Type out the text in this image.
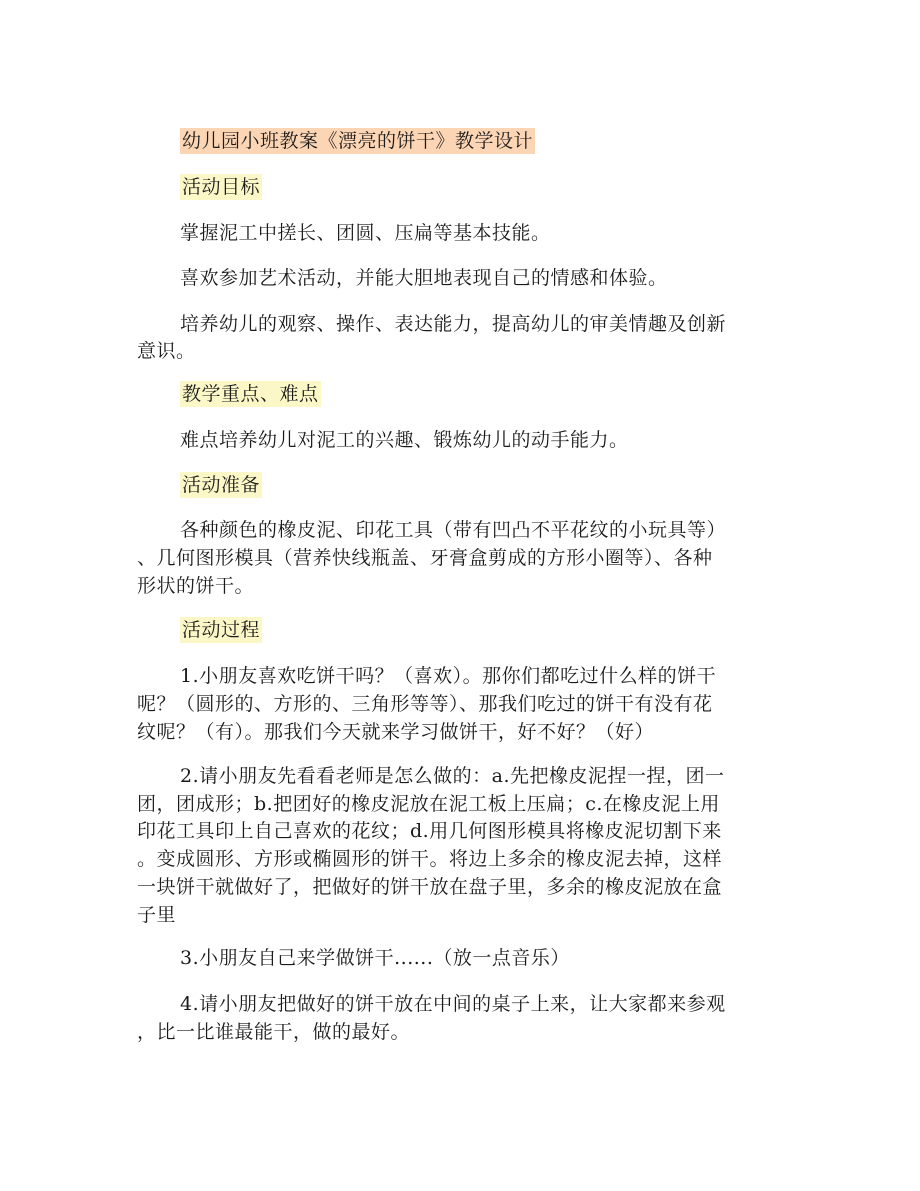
幼儿园小班教案《漂亮的饼干》教学设计
活动目标
掌握泥工中搓长、团圆、压扁等基本技能。
喜欢参加艺术活动，并能大胆地表现自己的情感和体验。
培养幼儿的观察、操作、表达能力，提高幼儿的审美情趣及创新
意识。
教学重点、难点
难点培养幼儿对泥工的兴趣、锻炼幼儿的动手能力。
活动准备
各种颜色的橡皮泥、印花工具（带有凹凸不平花纹的小玩具等）
、几何图形模具（营养快线瓶盖、牙膏盒剪成的方形小圈等）、各种
形状的饼干。
活动过程
1.小朋友喜欢吃饼干吗？（喜欢）。那你们都吃过什么样的饼干
呢？（圆形的、方形的、三角形等等）、那我们吃过的饼干有没有花
纹呢？（有）。那我们今天就来学习做饼干，好不好？（好）
2.请小朋友先看看老师是怎么做的：a.先把橡皮泥捏一捏，团一
团，团成形；b.把团好的橡皮泥放在泥工板上压扁；c.在橡皮泥上用
印花工具印上自己喜欢的花纹；d.用几何图形模具将橡皮泥切割下来
。变成圆形、方形或椭圆形的饼干。将边上多余的橡皮泥去掉，这样
一块饼干就做好了，把做好的饼干放在盘子里，多余的橡皮泥放在盒
子里
3.小朋友自己来学做饼干......（放一点音乐）
4.请小朋友把做好的饼干放在中间的桌子上来，让大家都来参观
，比一比谁最能干，做的最好。
